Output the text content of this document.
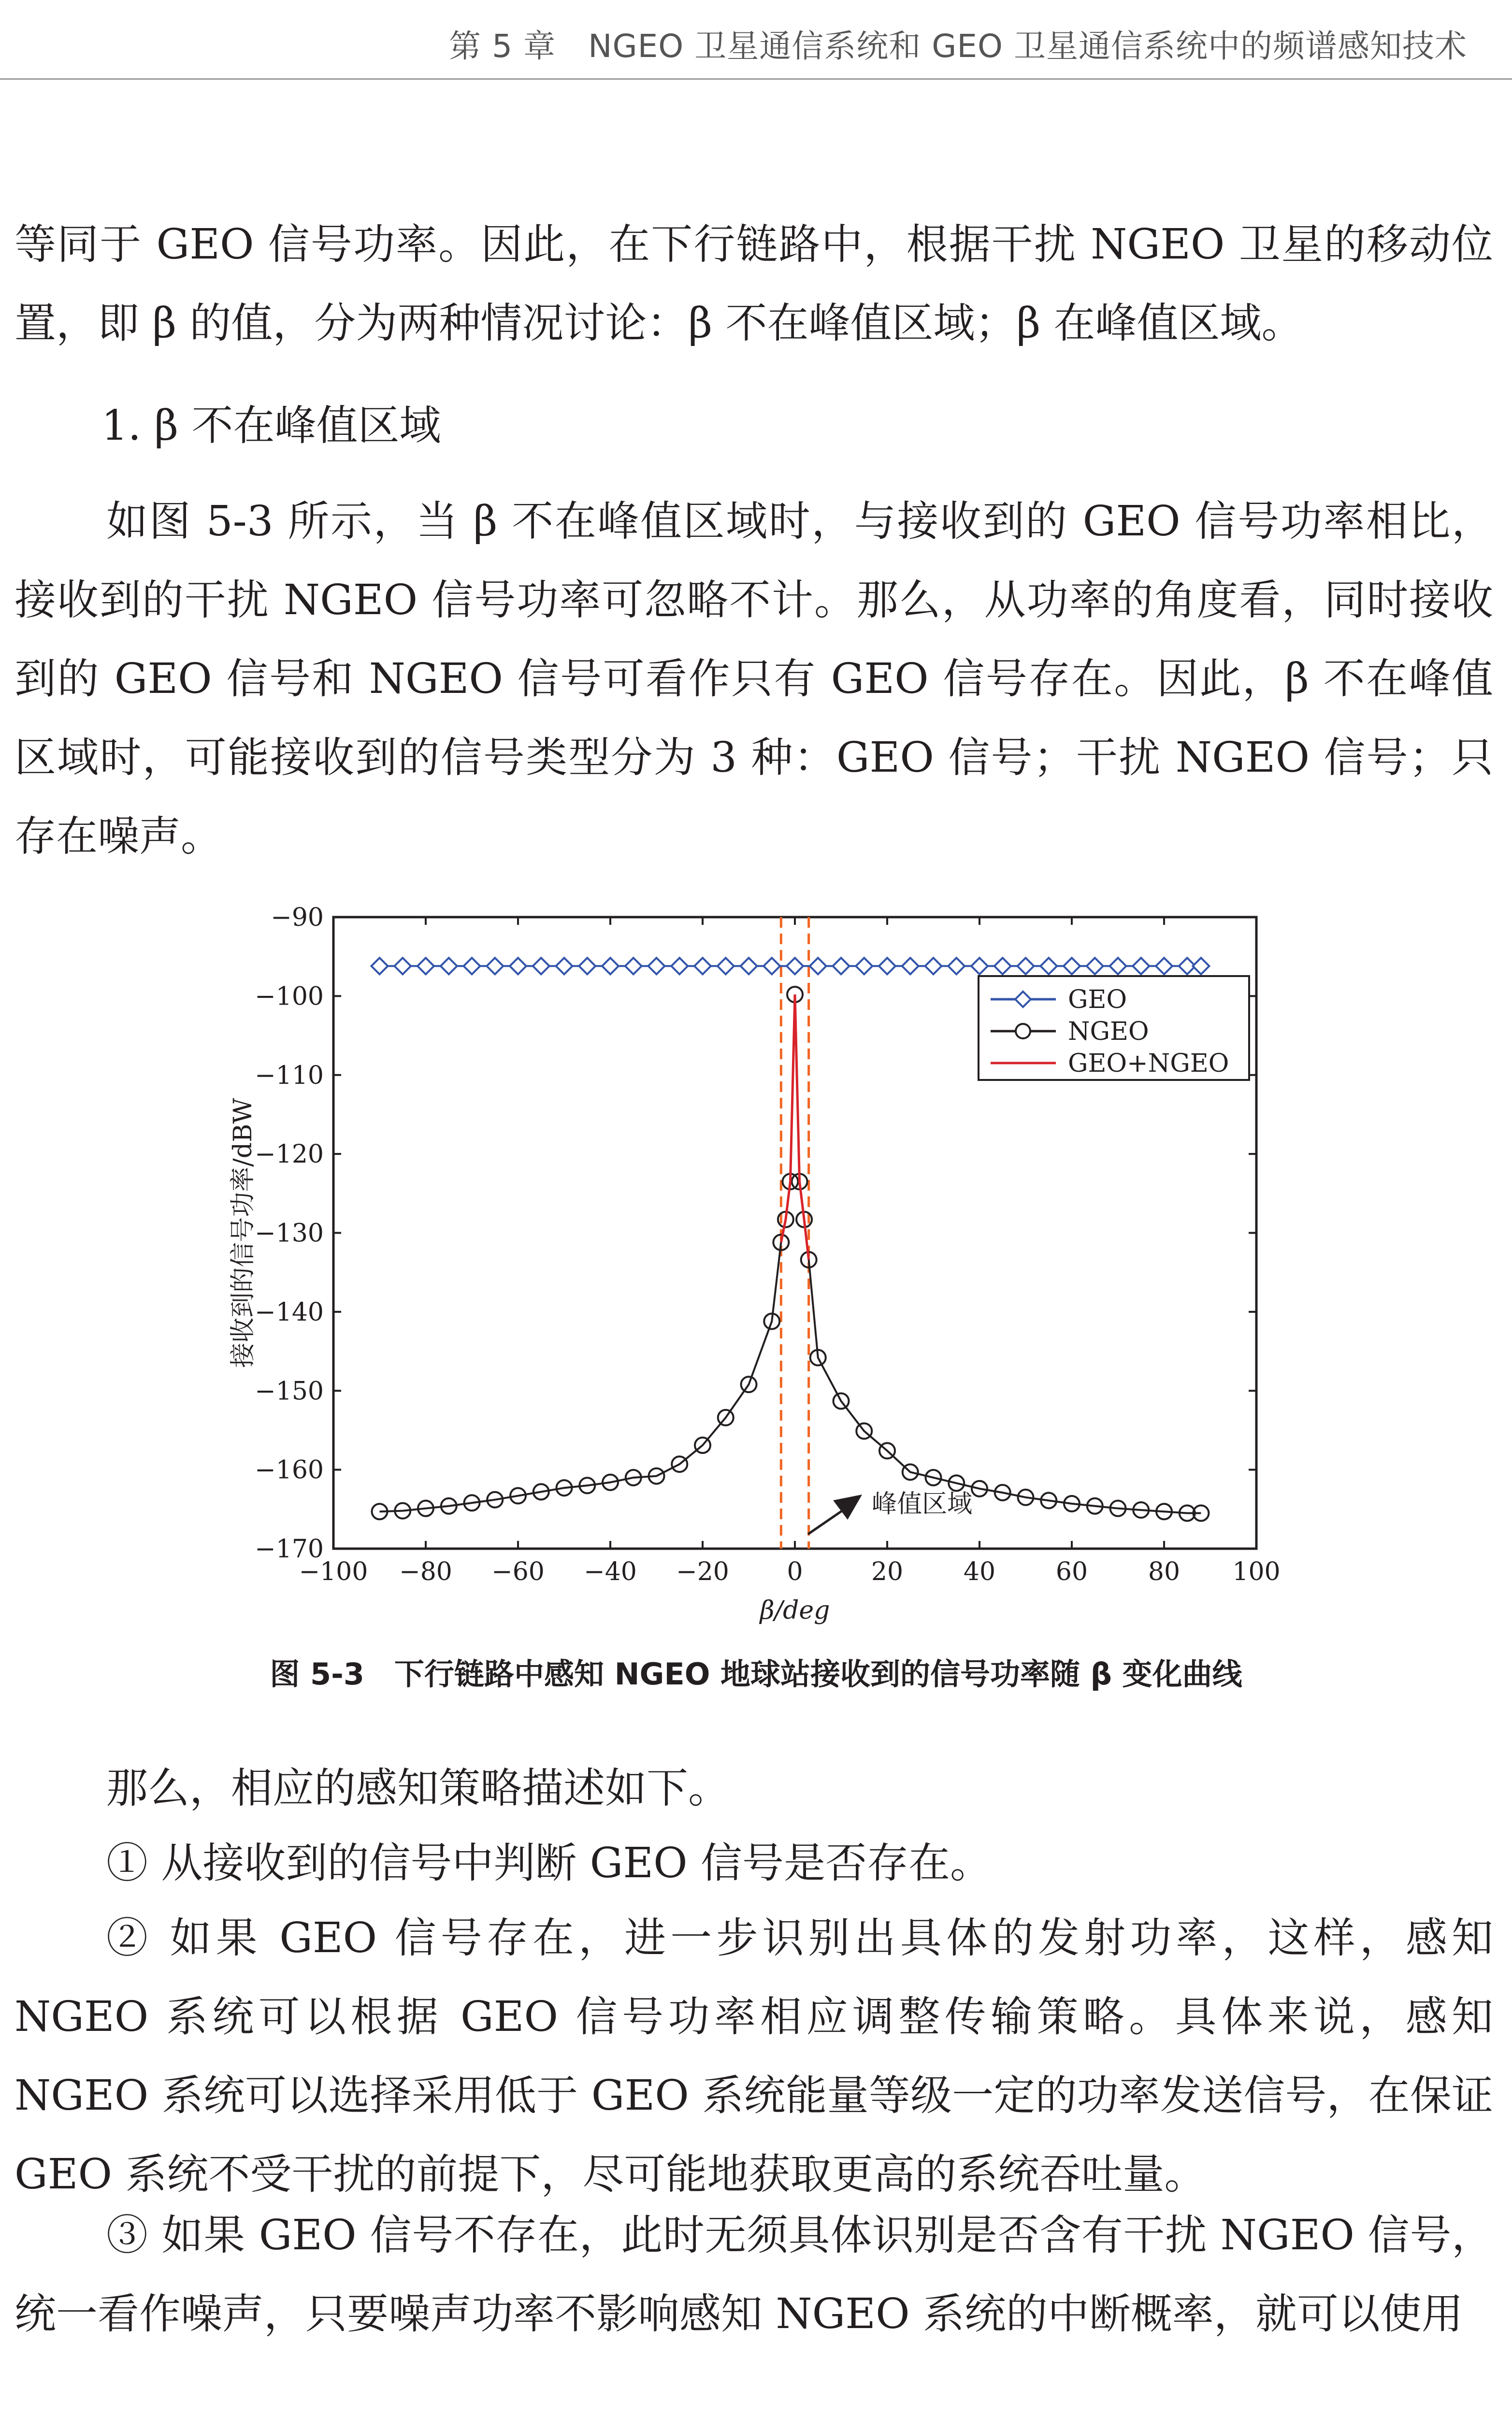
第 5 章　NGEO 卫星通信系统和 GEO 卫星通信系统中的频谱感知技术
等同于 GEO 信号功率。因此，在下行链路中，根据干扰 NGEO 卫星的移动位置，即 β 的值，分为两种情况讨论：β 不在峰值区域；β 在峰值区域。
1. β 不在峰值区域
如图 5-3 所示，当 β 不在峰值区域时，与接收到的 GEO 信号功率相比，接收到的干扰 NGEO 信号功率可忽略不计。那么，从功率的角度看，同时接收到的 GEO 信号和 NGEO 信号可看作只有 GEO 信号存在。因此，β 不在峰值区域时，可能接收到的信号类型分为 3 种：GEO 信号；干扰 NGEO 信号；只存在噪声。
−100 −80 −60 −40 −20 0	20 40 60 80 100
−90
−100
−110
−120
−130
−140
−150
−160
−170
β/deg
接收到的信号功率/dBW
GEO
NGEO
GEO+NGEO
峰值区域
图 5-3　下行链路中感知 NGEO 地球站接收到的信号功率随 β 变化曲线
那么，相应的感知策略描述如下。
① 从接收到的信号中判断 GEO 信号是否存在。
② 如果 GEO 信号存在，进一步识别出具体的发射功率，这样，感知 NGEO 系统可以根据 GEO 信号功率相应调整传输策略。具体来说，感知 NGEO 系统可以选择采用低于 GEO 系统能量等级一定的功率发送信号，在保证 GEO 系统不受干扰的前提下，尽可能地获取更高的系统吞吐量。
③ 如果 GEO 信号不存在，此时无须具体识别是否含有干扰 NGEO 信号，统一看作噪声，只要噪声功率不影响感知 NGEO 系统的中断概率，就可以使用
